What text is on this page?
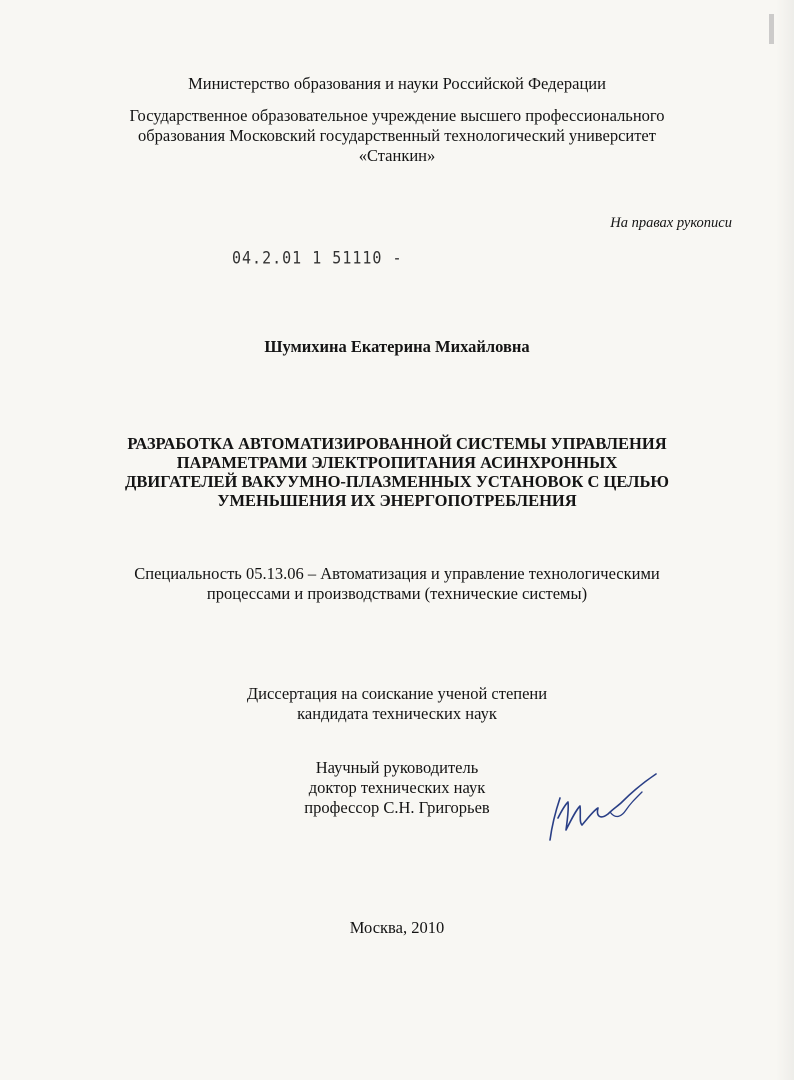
Министерство образования и науки Российской Федерации
Государственное образовательное учреждение высшего профессионального
образования Московский государственный технологический университет
«Станкин»
На правах рукописи
04.2.01 1 51110 -
Шумихина Екатерина Михайловна
РАЗРАБОТКА АВТОМАТИЗИРОВАННОЙ СИСТЕМЫ УПРАВЛЕНИЯ
ПАРАМЕТРАМИ ЭЛЕКТРОПИТАНИЯ АСИНХРОННЫХ
ДВИГАТЕЛЕЙ ВАКУУМНО-ПЛАЗМЕННЫХ УСТАНОВОК С ЦЕЛЬЮ
УМЕНЬШЕНИЯ ИХ ЭНЕРГОПОТРЕБЛЕНИЯ
Специальность 05.13.06 – Автоматизация и управление технологическими
процессами и производствами (технические системы)
Диссертация на соискание ученой степени
кандидата технических наук
Научный руководитель
доктор технических наук
профессор С.Н. Григорьев
Москва, 2010
